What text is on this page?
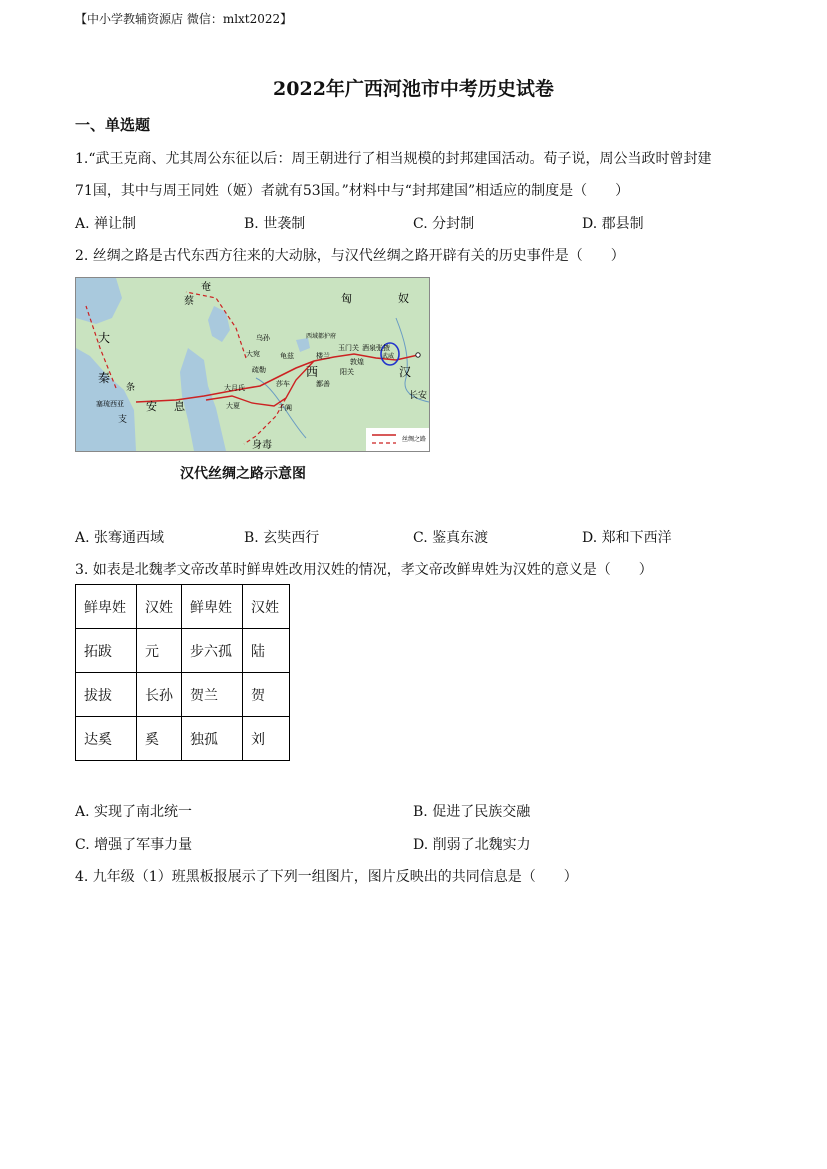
【中小学教辅资源店 微信：mlxt2022】
2022年广西河池市中考历史试卷
一、单选题
1.“武王克商、尤其周公东征以后：周王朝进行了相当规模的封邦建国活动。荀子说，周公当政时曾封建
71国，其中与周王同姓（姬）者就有53国。”材料中与“封邦建国”相适应的制度是（　　）
A. 禅让制	B. 世袭制	C. 分封制	D. 郡县制
2. 丝绸之路是古代东西方往来的大动脉，与汉代丝绸之路开辟有关的历史事件是（　　）
奄
蔡	匈	奴
大
秦
条
支
安 息
西	汉
长安
身毒
大宛
大月氏
大夏
疏勒
莎车
于阗
楼兰
玉门关
阳关
敦煌
酒泉 张掖
武威
龟兹
鄯善
乌孙	西域都护府
塞琉西亚
丝绸之路
汉代丝绸之路示意图
A. 张骞通西域	B. 玄奘西行	C. 鉴真东渡	D. 郑和下西洋
3. 如表是北魏孝文帝改革时鲜卑姓改用汉姓的情况，孝文帝改鲜卑姓为汉姓的意义是（　　）
鲜卑姓	汉姓	鲜卑姓	汉姓
拓跋	元	步六孤	陆
拔拔	长孙	贺兰	贺
达奚	奚	独孤	刘
A. 实现了南北统一	B. 促进了民族交融
C. 增强了军事力量	D. 削弱了北魏实力
4. 九年级（1）班黑板报展示了下列一组图片，图片反映出的共同信息是（　　）
